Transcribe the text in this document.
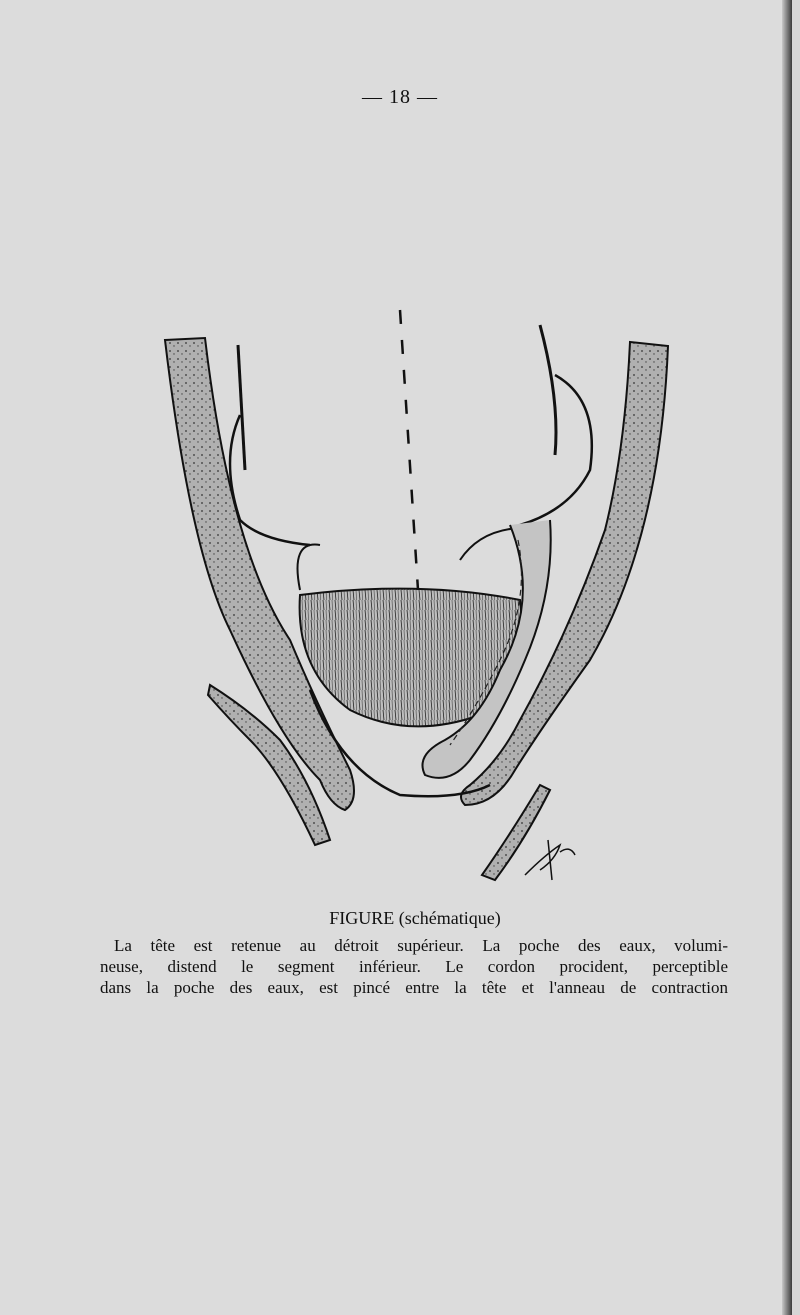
— 18 —
FIGURE (schématique)
La tête est retenue au détroit supérieur. La poche des eaux, volumi-
neuse, distend le segment inférieur. Le cordon procident, perceptible
dans la poche des eaux, est pincé entre la tête et l'anneau de contraction
